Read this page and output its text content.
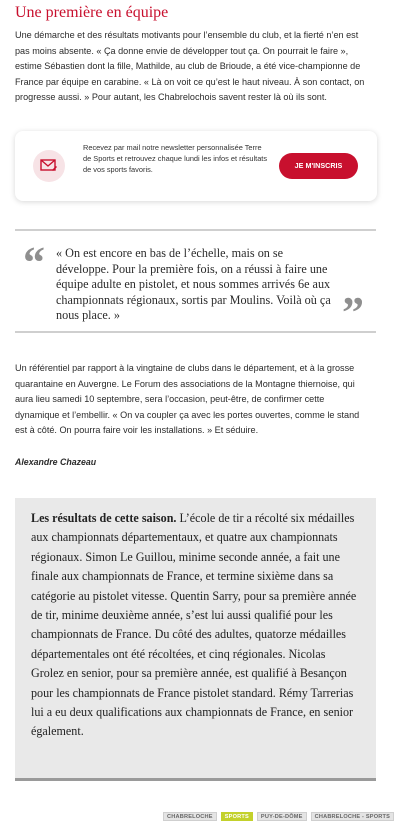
Une première en équipe

Une démarche et des résultats motivants pour l’ensemble du club, et la fierté n’en est pas moins absente. « Ça donne envie de développer tout ça. On pourrait le faire », estime Sébastien dont la fille, Mathilde, au club de Brioude, a été vice-championne de France par équipe en carabine. « Là on voit ce qu’est le haut niveau. À son contact, on progresse aussi. » Pour autant, les Chabrelochois savent rester là où ils sont.

Recevez par mail notre newsletter personnalisée Terre de Sports et retrouvez chaque lundi les infos et résultats de vos sports favoris.	JE M'INSCRIS
“ « On est encore en bas de l’échelle, mais on se développe. Pour la première fois, on a réussi à faire une équipe adulte en pistolet, et nous sommes arrivés 6e aux championnats régionaux, sortis par Moulins. Voilà où ça nous place. »	”

Un référentiel par rapport à la vingtaine de clubs dans le département, et à la grosse quarantaine en Auvergne. Le Forum des associations de la Montagne thiernoise, qui aura lieu samedi 10 septembre, sera l’occasion, peut-être, de confirmer cette dynamique et l’embellir. « On va coupler ça avec les portes ouvertes, comme le stand est à côté. On pourra faire voir les installations. » Et séduire.

Alexandre Chazeau

Les résultats de cette saison. L’école de tir a récolté six médailles aux championnats départementaux, et quatre aux championnats régionaux. Simon Le Guillou, minime seconde année, a fait une finale aux championnats de France, et termine sixième dans sa catégorie au pistolet vitesse. Quentin Sarry, pour sa première année de tir, minime deuxième année, s’est lui aussi qualifié pour les championnats de France. Du côté des adultes, quatorze médailles départementales ont été récoltées, et cinq régionales. Nicolas Grolez en senior, pour sa première année, est qualifié à Besançon pour les championnats de France pistolet standard. Rémy Tarrerias lui a eu deux qualifications aux championnats de France, en senior également.

CHABRELOCHE	SPORTS	PUY-DE-DÔME	CHABRELOCHE - SPORTS
